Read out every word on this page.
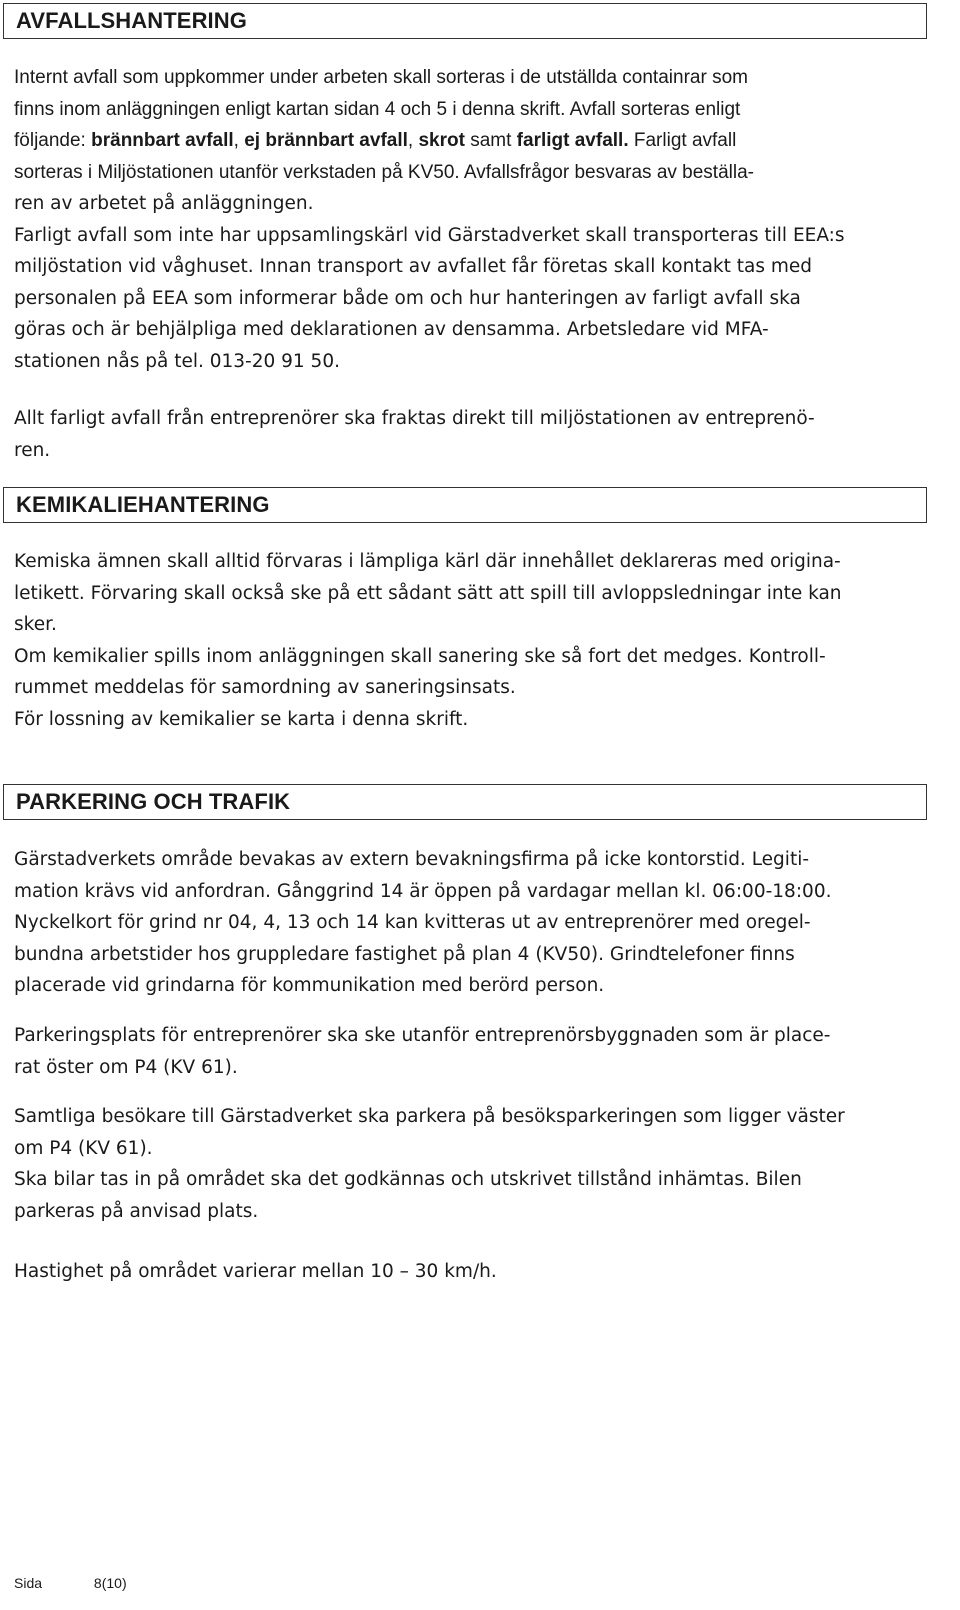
AVFALLSHANTERING
Internt avfall som uppkommer under arbeten skall sorteras i de utställda containrar som
finns inom anläggningen enligt kartan sidan 4 och 5 i denna skrift. Avfall sorteras enligt
följande: brännbart avfall, ej brännbart avfall, skrot samt farligt avfall. Farligt avfall
sorteras i Miljöstationen utanför verkstaden på KV50. Avfallsfrågor besvaras av beställa-
ren av arbetet på anläggningen.
Farligt avfall som inte har uppsamlingskärl vid Gärstadverket skall transporteras till EEA:s
miljöstation vid våghuset. Innan transport av avfallet får företas skall kontakt tas med
personalen på EEA som informerar både om och hur hanteringen av farligt avfall ska
göras och är behjälpliga med deklarationen av densamma. Arbetsledare vid MFA-
stationen nås på tel. 013-20 91 50.
Allt farligt avfall från entreprenörer ska fraktas direkt till miljöstationen av entreprenö-
ren.
KEMIKALIEHANTERING
Kemiska ämnen skall alltid förvaras i lämpliga kärl där innehållet deklareras med origina-
letikett. Förvaring skall också ske på ett sådant sätt att spill till avloppsledningar inte kan
sker.
Om kemikalier spills inom anläggningen skall sanering ske så fort det medges. Kontroll-
rummet meddelas för samordning av saneringsinsats.
För lossning av kemikalier se karta i denna skrift.
PARKERING OCH TRAFIK
Gärstadverkets område bevakas av extern bevakningsfirma på icke kontorstid. Legiti-
mation krävs vid anfordran. Gånggrind 14 är öppen på vardagar mellan kl. 06:00-18:00.
Nyckelkort för grind nr 04, 4, 13 och 14 kan kvitteras ut av entreprenörer med oregel-
bundna arbetstider hos gruppledare fastighet på plan 4 (KV50). Grindtelefoner finns
placerade vid grindarna för kommunikation med berörd person.
Parkeringsplats för entreprenörer ska ske utanför entreprenörsbyggnaden som är place-
rat öster om P4 (KV 61).
Samtliga besökare till Gärstadverket ska parkera på besöksparkeringen som ligger väster
om P4 (KV 61).
Ska bilar tas in på området ska det godkännas och utskrivet tillstånd inhämtas. Bilen
parkeras på anvisad plats.
Hastighet på området varierar mellan 10 – 30 km/h.
Sida	8(10)
